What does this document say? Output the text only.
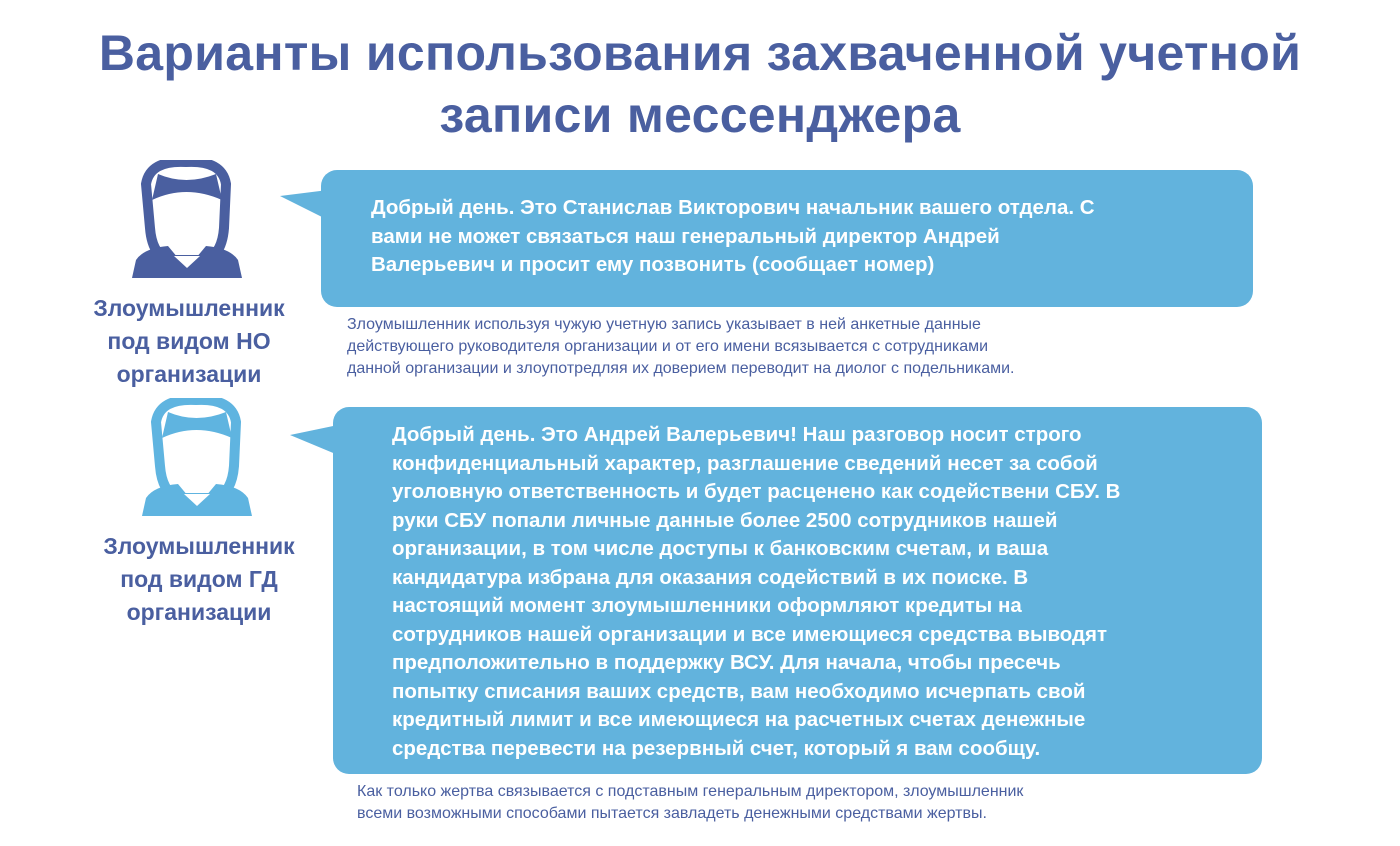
Варианты использования захваченной учетной
записи мессенджера
Злоумышленник
под видом НО
организации
Добрый день. Это Станислав Викторович начальник вашего отдела. С
вами не может связаться наш генеральный директор Андрей
Валерьевич и просит ему позвонить (сообщает номер)
Злоумышленник используя чужую учетную запись указывает в ней анкетные данные
действующего руководителя организации и от его имени всязывается с сотрудниками
данной организации и злоупотредляя их доверием переводит на диолог с подельниками.
Злоумышленник
под видом ГД
организации
Добрый день. Это Андрей Валерьевич! Наш разговор носит строго
конфиденциальный характер, разглашение сведений несет за собой
уголовную ответственность и будет расценено как содействени СБУ. В
руки СБУ попали личные данные более 2500 сотрудников нашей
организации, в том числе доступы к банковским счетам, и ваша
кандидатура избрана для оказания содействий в их поиске. В
настоящий момент злоумышленники оформляют кредиты на
сотрудников нашей организации и все имеющиеся средства выводят
предположительно в поддержку ВСУ. Для начала, чтобы пресечь
попытку списания ваших средств, вам необходимо исчерпать свой
кредитный лимит и все имеющиеся на расчетных счетах денежные
средства перевести на резервный счет, который я вам сообщу.
Как только жертва связывается с подставным генеральным директором, злоумышленник
всеми возможными способами пытается завладеть денежными средствами жертвы.
